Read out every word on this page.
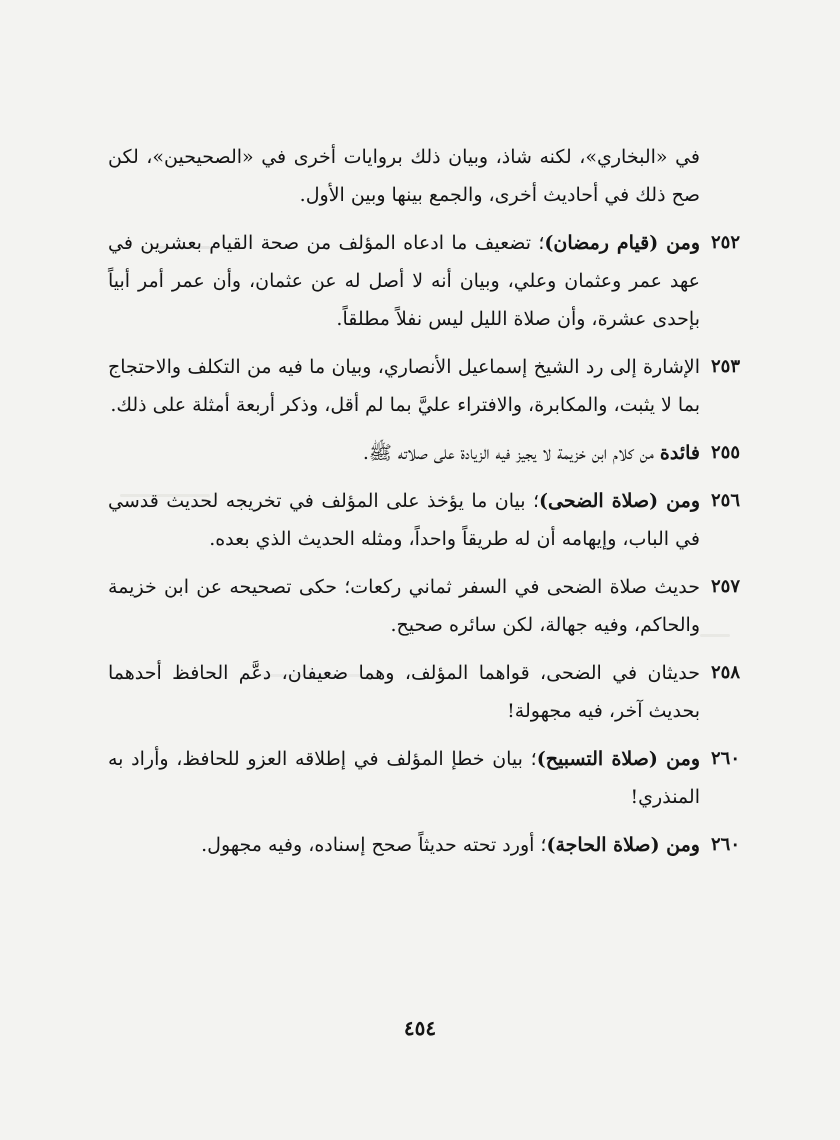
في «البخاري»، لكنه شاذ، وبيان ذلك بروايات أخرى في «الصحيحين»، لكن صح ذلك في أحاديث أخرى، والجمع بينها وبين الأول.
٢٥٢
ومن (قيام رمضان)؛ تضعيف ما ادعاه المؤلف من صحة القيام بعشرين في عهد عمر وعثمان وعلي، وبيان أنه لا أصل له عن عثمان، وأن عمر أمر أبياً بإحدى عشرة، وأن صلاة الليل ليس نفلاً مطلقاً.
٢٥٣
الإشارة إلى رد الشيخ إسماعيل الأنصاري، وبيان ما فيه من التكلف والاحتجاج بما لا يثبت، والمكابرة، والافتراء عليَّ بما لم أقل، وذكر أربعة أمثلة على ذلك.
٢٥٥
فائدة من كلام ابن خزيمة لا يجيز فيه الزيادة على صلاته ﷺ.
٢٥٦
ومن (صلاة الضحى)؛ بيان ما يؤخذ على المؤلف في تخريجه لحديث قدسي في الباب، وإيهامه أن له طريقاً واحداً، ومثله الحديث الذي بعده.
٢٥٧
حديث صلاة الضحى في السفر ثماني ركعات؛ حكى تصحيحه عن ابن خزيمة والحاكم، وفيه جهالة، لكن سائره صحيح.
٢٥٨
حديثان في الضحى، قواهما المؤلف، وهما ضعيفان، دعَّم الحافظ أحدهما بحديث آخر، فيه مجهولة!
٢٦٠
ومن (صلاة التسبيح)؛ بيان خطإ المؤلف في إطلاقه العزو للحافظ، وأراد به المنذري!
٢٦٠
ومن (صلاة الحاجة)؛ أورد تحته حديثاً صحح إسناده، وفيه مجهول.
٤٥٤
